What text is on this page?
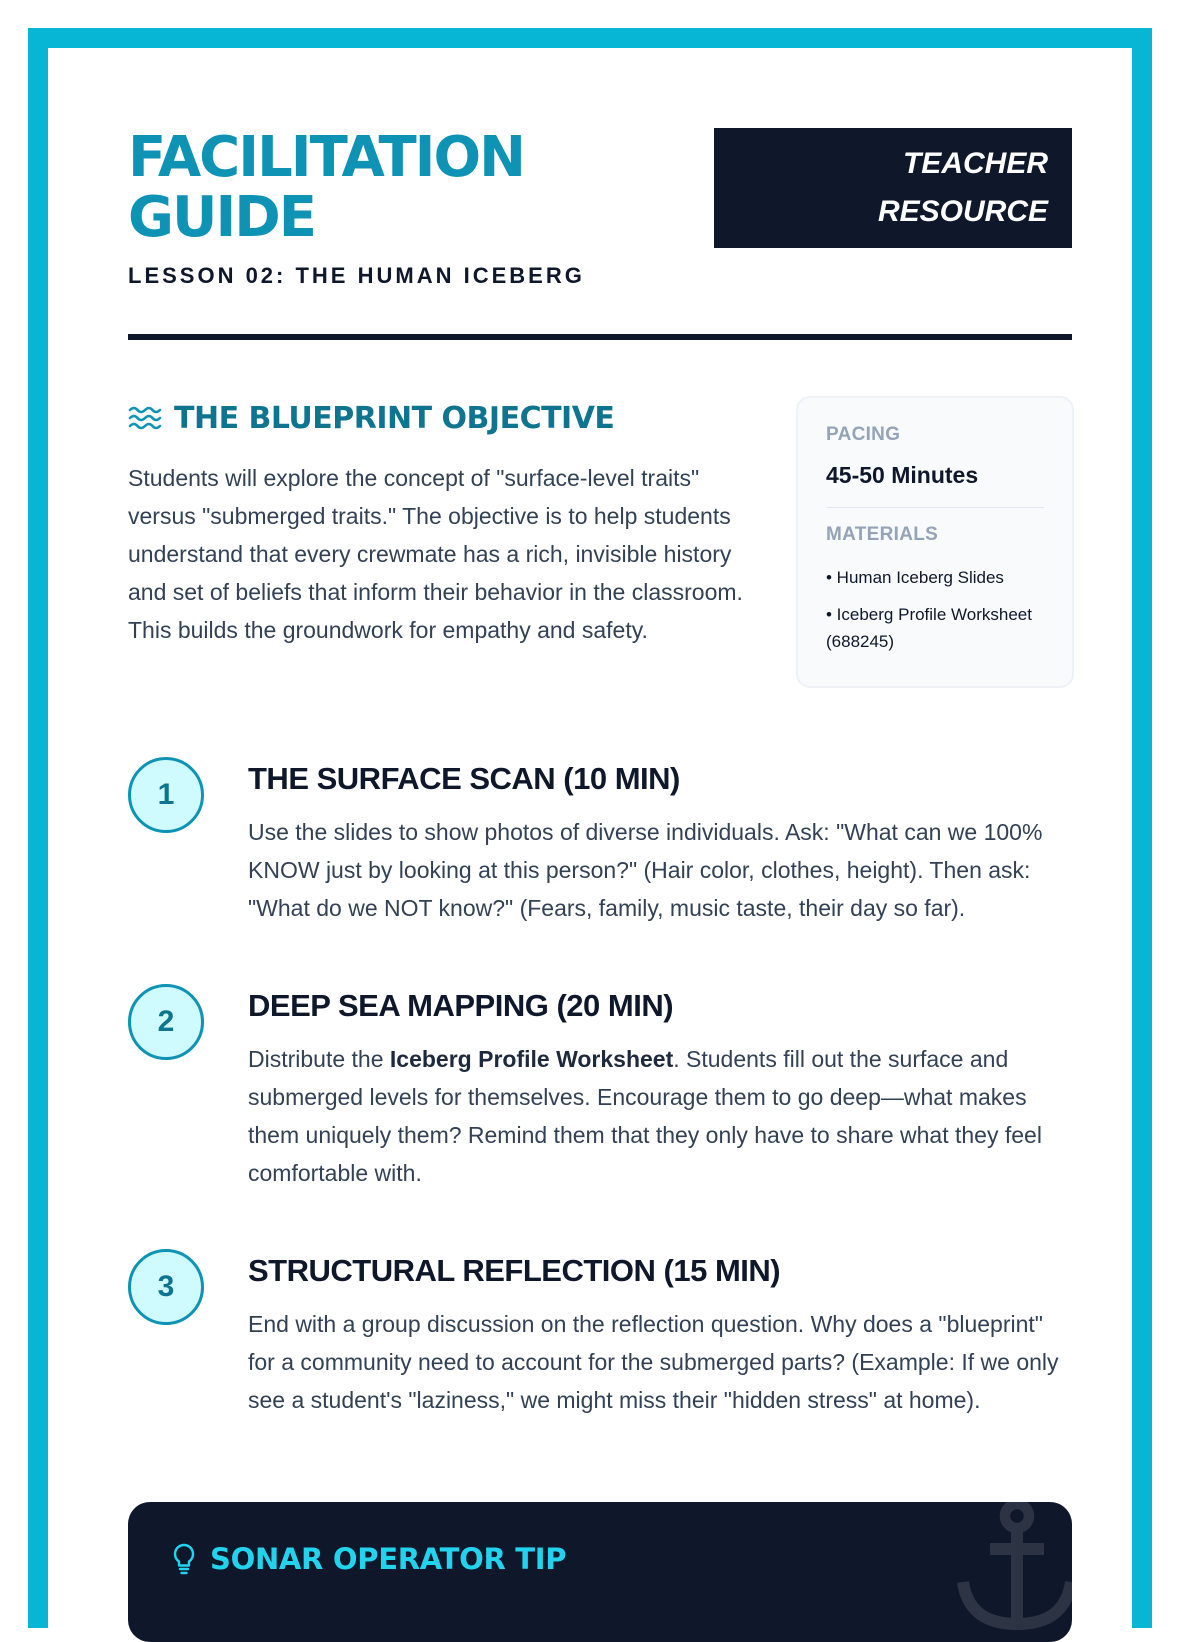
FACILITATION
GUIDE
LESSON 02: THE HUMAN ICEBERG
TEACHER
RESOURCE
THE BLUEPRINT OBJECTIVE
Students will explore the concept of "surface-level traits" versus "submerged traits." The objective is to help students understand that every crewmate has a rich, invisible history and set of beliefs that inform their behavior in the classroom. This builds the groundwork for empathy and safety.
PACING
45-50 Minutes
MATERIALS
• Human Iceberg Slides
• Iceberg Profile Worksheet (688245)
1	THE SURFACE SCAN (10 MIN)
Use the slides to show photos of diverse individuals. Ask: "What can we 100% KNOW just by looking at this person?" (Hair color, clothes, height). Then ask: "What do we NOT know?" (Fears, family, music taste, their day so far).
2	DEEP SEA MAPPING (20 MIN)
Distribute the Iceberg Profile Worksheet. Students fill out the surface and submerged levels for themselves. Encourage them to go deep—what makes them uniquely them? Remind them that they only have to share what they feel comfortable with.
3	STRUCTURAL REFLECTION (15 MIN)
End with a group discussion on the reflection question. Why does a "blueprint" for a community need to account for the submerged parts? (Example: If we only see a student's "laziness," we might miss their "hidden stress" at home).
SONAR OPERATOR TIP
